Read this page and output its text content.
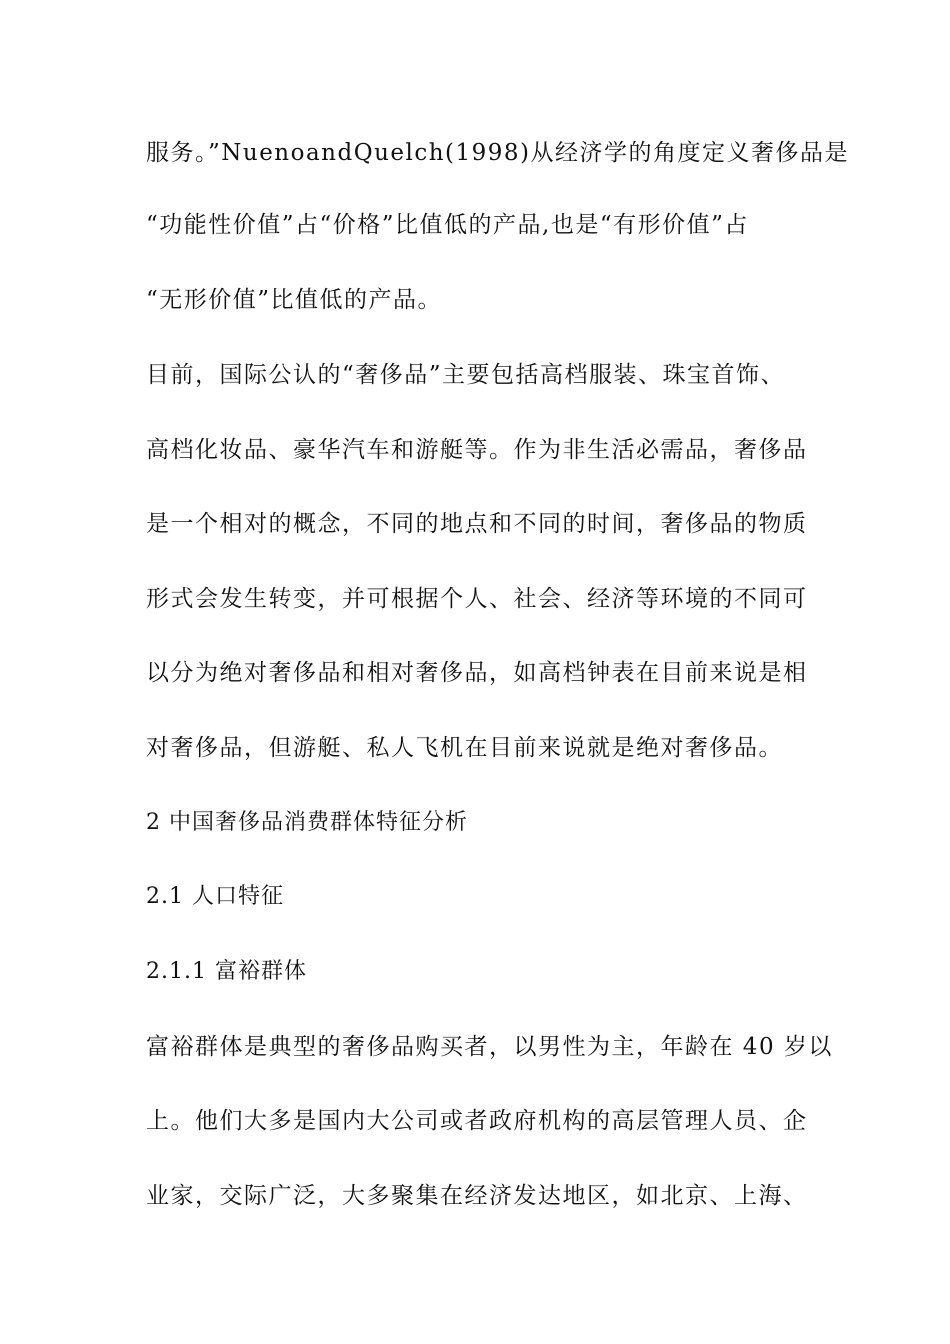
服务。”NuenoandQuelch(1998)从经济学的角度定义奢侈品是
“功能性价值”占“价格”比值低的产品,也是“有形价值”占
“无形价值”比值低的产品。
目前，国际公认的“奢侈品”主要包括高档服装、珠宝首饰、
高档化妆品、豪华汽车和游艇等。作为非生活必需品，奢侈品
是一个相对的概念，不同的地点和不同的时间，奢侈品的物质
形式会发生转变，并可根据个人、社会、经济等环境的不同可
以分为绝对奢侈品和相对奢侈品，如高档钟表在目前来说是相
对奢侈品，但游艇、私人飞机在目前来说就是绝对奢侈品。
2 中国奢侈品消费群体特征分析
2.1 人口特征
2.1.1 富裕群体
富裕群体是典型的奢侈品购买者，以男性为主，年龄在 40 岁以
上。他们大多是国内大公司或者政府机构的高层管理人员、企
业家，交际广泛，大多聚集在经济发达地区，如北京、上海、
